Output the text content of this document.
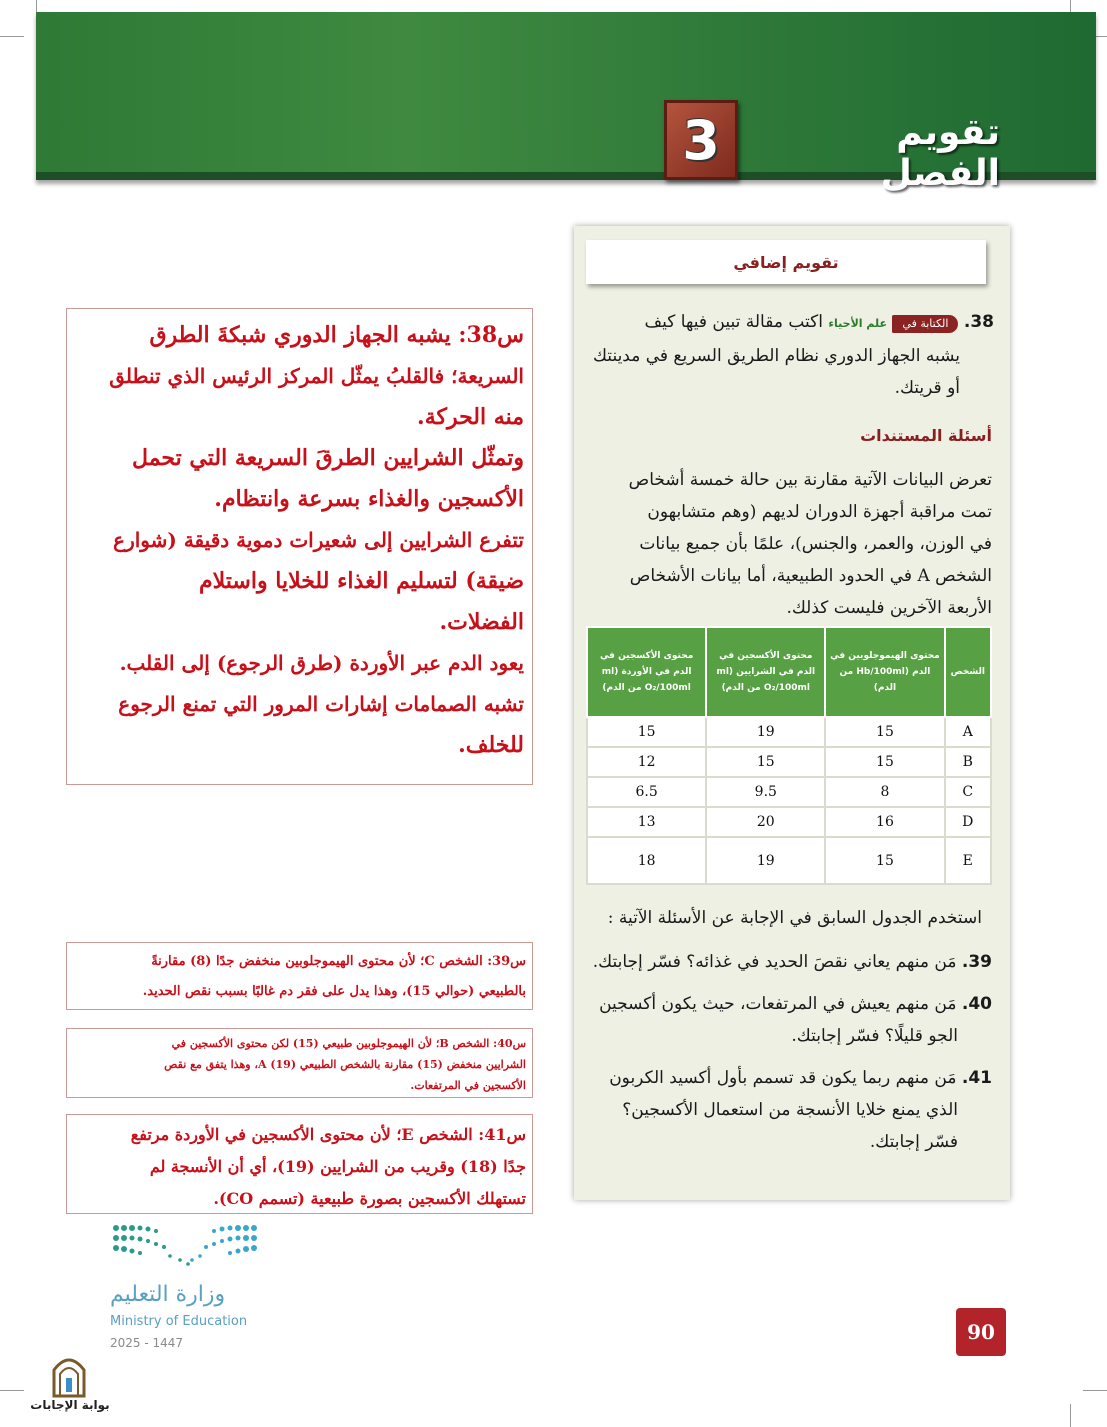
3	تقويم الفصل
تقويم إضافي
38. الكتابة في علم الأحياء اكتب مقالة تبين فيها كيف
يشبه الجهاز الدوري نظام الطريق السريع في مدينتك
أو قريتك.
أسئلة المستندات
تعرض البيانات الآتية مقارنة بين حالة خمسة أشخاص
تمت مراقبة أجهزة الدوران لديهم (وهم متشابهون
في الوزن، والعمر، والجنس)، علمًا بأن جميع بيانات
الشخص A في الحدود الطبيعية، أما بيانات الأشخاص
الأربعة الآخرين فليست كذلك.
الشخص	محتوى الهيموجلوبين في الدم (Hb/100ml من الدم)	محتوى الأكسجين في الدم في الشرايين (ml O₂/100ml من الدم)	محتوى الأكسجين في الدم في الأوردة (ml O₂/100ml من الدم)
A	15	19	15
B	15	15	12
C	8	9.5	6.5
D	16	20	13
E	15	19	18
استخدم الجدول السابق في الإجابة عن الأسئلة الآتية :
39. مَن منهم يعاني نقصَ الحديد في غذائه؟ فسّر إجابتك.
40. مَن منهم يعيش في المرتفعات، حيث يكون أكسجين
الجو قليلًا؟ فسّر إجابتك.
41. مَن منهم ربما يكون قد تسمم بأول أكسيد الكربون
الذي يمنع خلايا الأنسجة من استعمال الأكسجين؟
فسّر إجابتك.
س38: يشبه الجهاز الدوري شبكةَ الطرق
السريعة؛ فالقلبُ يمثّل المركز الرئيس الذي تنطلق
منه الحركة.
وتمثّل الشرايين الطرقَ السريعة التي تحمل
الأكسجين والغذاء بسرعة وانتظام.
تتفرع الشرايين إلى شعيرات دموية دقيقة (شوارع
ضيقة) لتسليم الغذاء للخلايا واستلام
الفضلات.
يعود الدم عبر الأوردة (طرق الرجوع) إلى القلب.
تشبه الصمامات إشارات المرور التي تمنع الرجوع
للخلف.
س39: الشخص C؛ لأن محتوى الهيموجلوبين منخفض جدًا (8) مقارنةً
بالطبيعي (حوالي 15)، وهذا يدل على فقر دم غالبًا بسبب نقص الحديد.
س40: الشخص B؛ لأن الهيموجلوبين طبيعي (15) لكن محتوى الأكسجين في
الشرايين منخفض (15) مقارنة بالشخص الطبيعي A (19)، وهذا يتفق مع نقص
الأكسجين في المرتفعات.
س41: الشخص E؛ لأن محتوى الأكسجين في الأوردة مرتفع
جدًا (18) وقريب من الشرايين (19)، أي أن الأنسجة لم
تستهلك الأكسجين بصورة طبيعية (تسمم CO).
وزارة التعليم
Ministry of Education
2025 - 1447	90
بوابة الإجابات
